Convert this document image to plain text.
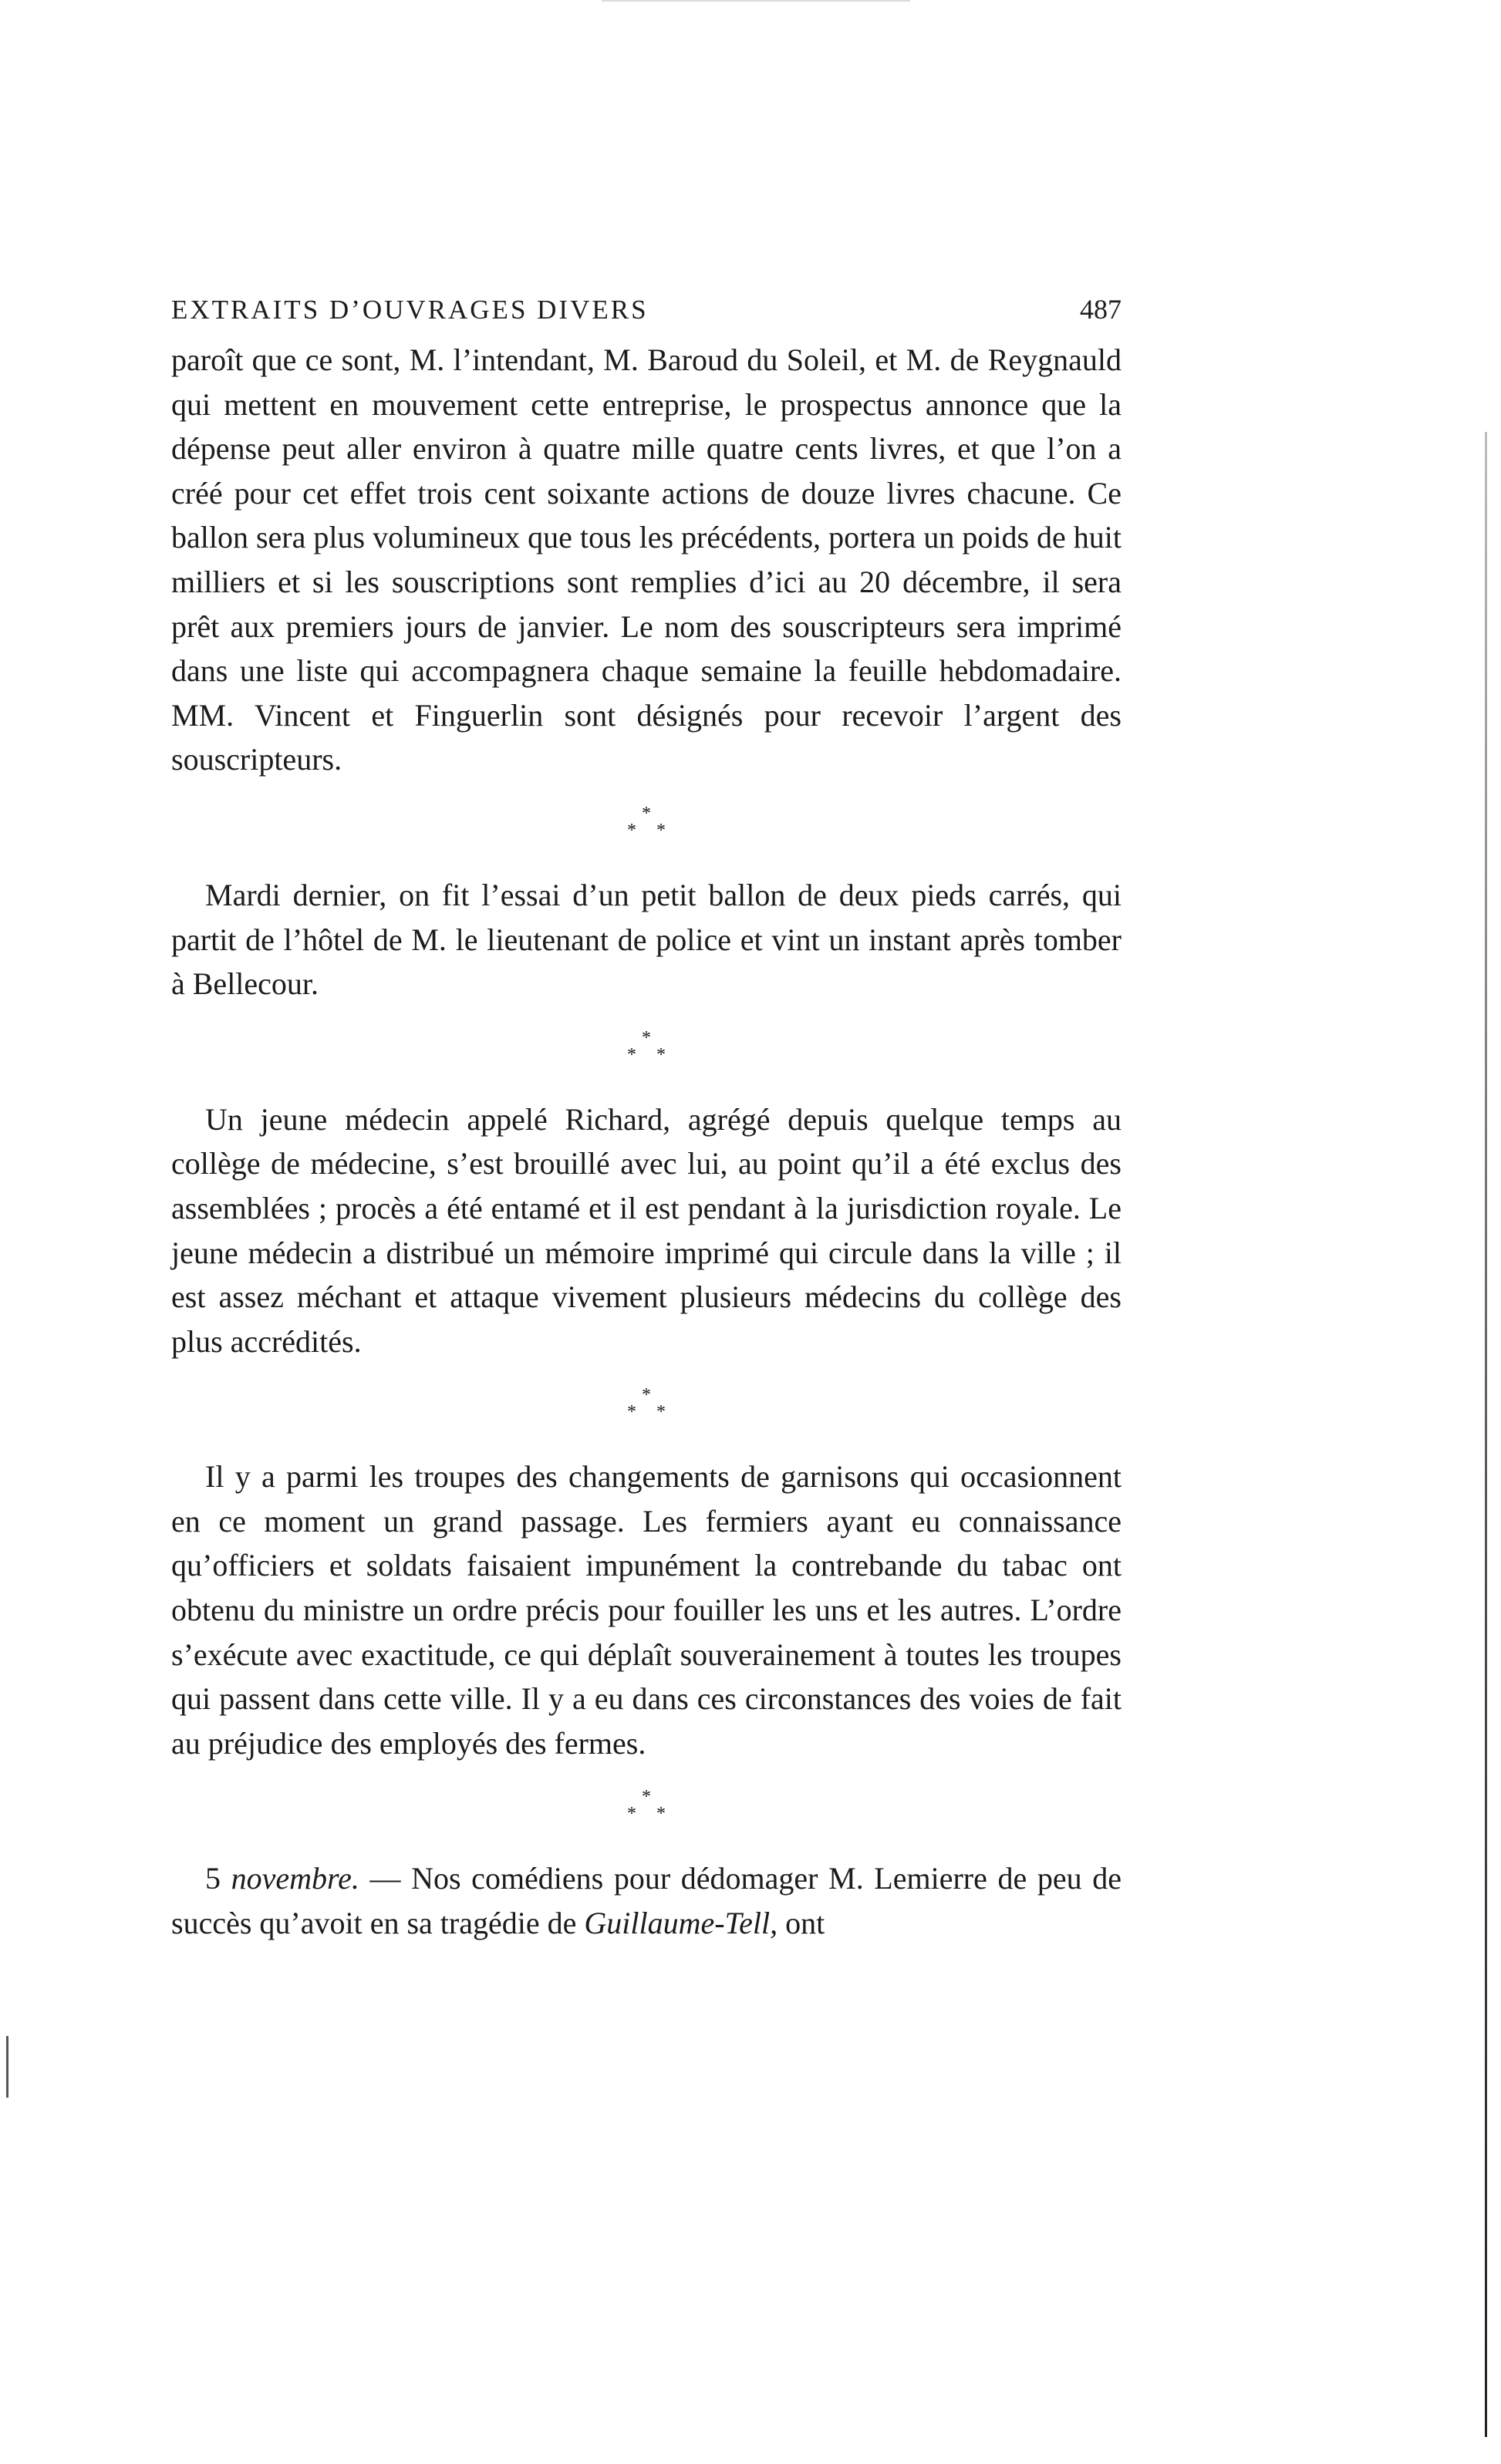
EXTRAITS D’OUVRAGES DIVERS	487

paroît que ce sont, M. l’intendant, M. Baroud du Soleil, et M. de Reygnauld qui mettent en mouvement cette entreprise, le prospectus annonce que la dépense peut aller environ à quatre mille quatre cents livres, et que l’on a créé pour cet effet trois cent soixante actions de douze livres chacune. Ce ballon sera plus volumineux que tous les précédents, portera un poids de huit milliers et si les souscriptions sont remplies d’ici au 20 décembre, il sera prêt aux premiers jours de janvier. Le nom des souscripteurs sera imprimé dans une liste qui accompagnera chaque semaine la feuille hebdomadaire. MM. Vincent et Finguerlin sont désignés pour recevoir l’argent des souscripteurs.

*
* *

Mardi dernier, on fit l’essai d’un petit ballon de deux pieds carrés, qui partit de l’hôtel de M. le lieutenant de police et vint un instant après tomber à Bellecour.

*
* *

Un jeune médecin appelé Richard, agrégé depuis quelque temps au collège de médecine, s’est brouillé avec lui, au point qu’il a été exclus des assemblées ; procès a été entamé et il est pendant à la jurisdiction royale. Le jeune médecin a distribué un mémoire imprimé qui circule dans la ville ; il est assez méchant et attaque vivement plusieurs médecins du collège des plus accrédités.

*
* *

Il y a parmi les troupes des changements de garnisons qui occasionnent en ce moment un grand passage. Les fermiers ayant eu connaissance qu’officiers et soldats faisaient impunément la contrebande du tabac ont obtenu du ministre un ordre précis pour fouiller les uns et les autres. L’ordre s’exécute avec exactitude, ce qui déplaît souverainement à toutes les troupes qui passent dans cette ville. Il y a eu dans ces circonstances des voies de fait au préjudice des employés des fermes.

*
* *

5 novembre. — Nos comédiens pour dédomager M. Lemierre de peu de succès qu’avoit en sa tragédie de Guillaume-Tell, ont
